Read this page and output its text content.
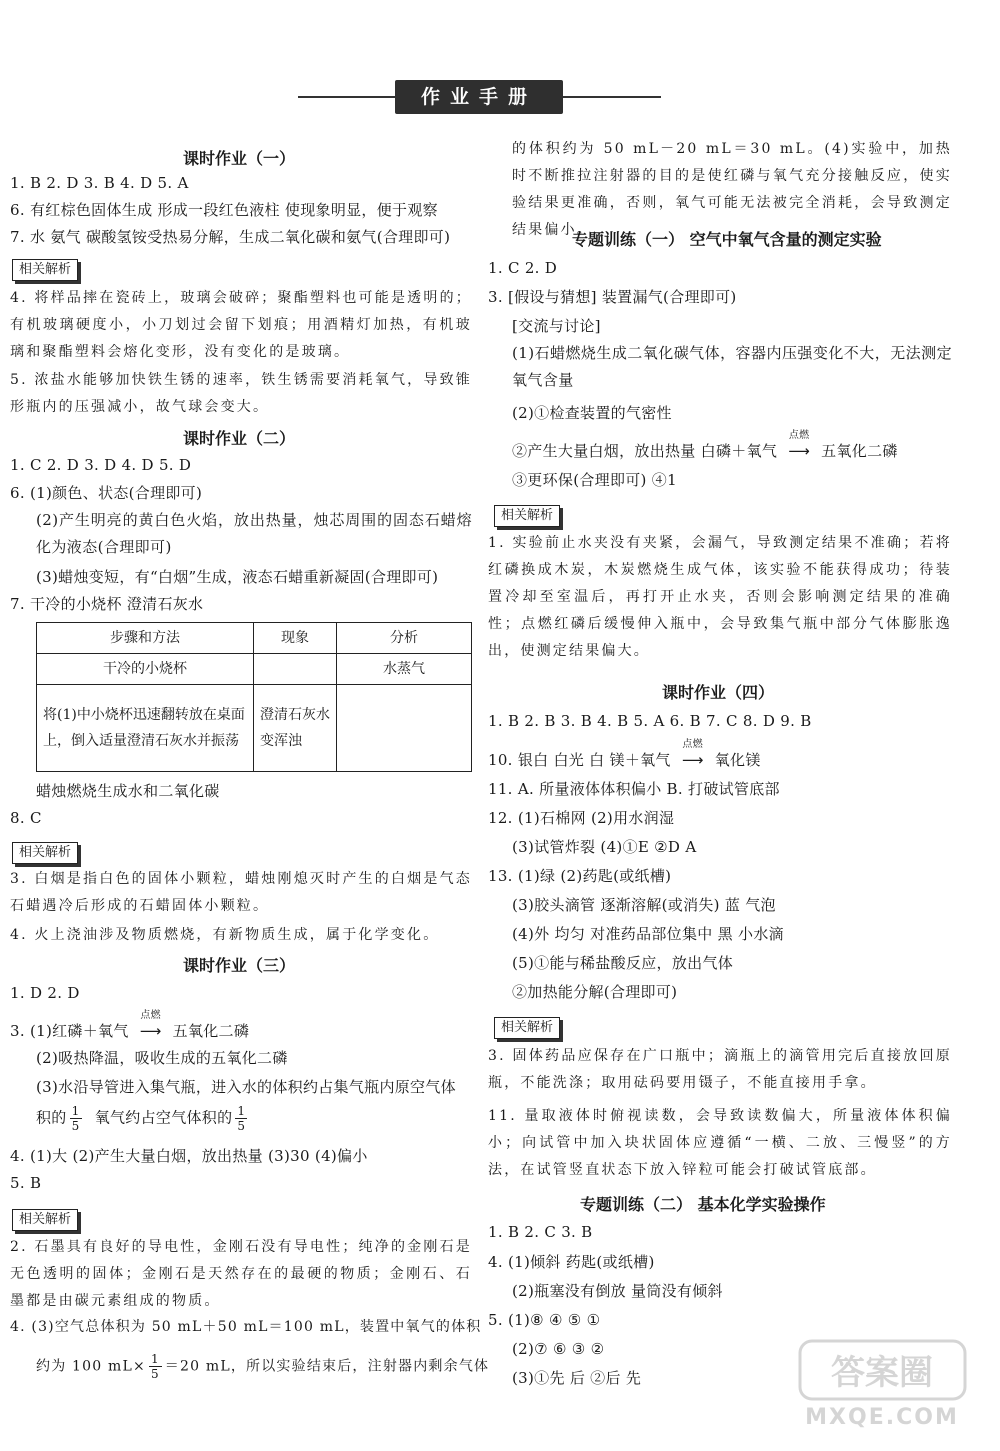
作业手册
课时作业（一）
1. B 2. D 3. B 4. D 5. A
6. 有红棕色固体生成 形成一段红色液柱 使现象明显，便于观察
7. 水 氨气 碳酸氢铵受热易分解，生成二氧化碳和氨气(合理即可)
相关解析
4. 将样品摔在瓷砖上，玻璃会破碎；聚酯塑料也可能是透明的；有机玻璃硬度小，小刀划过会留下划痕；用酒精灯加热，有机玻璃和聚酯塑料会熔化变形，没有变化的是玻璃。
5. 浓盐水能够加快铁生锈的速率，铁生锈需要消耗氧气，导致锥形瓶内的压强减小，故气球会变大。
课时作业（二）
1. C 2. D 3. D 4. D 5. D
6. (1)颜色、状态(合理即可)
(2)产生明亮的黄白色火焰，放出热量，烛芯周围的固态石蜡熔化为液态(合理即可)
(3)蜡烛变短，有“白烟”生成，液态石蜡重新凝固(合理即可)
7. 干冷的小烧杯 澄清石灰水
步骤和方法	现象	分析
干冷的小烧杯		水蒸气
将(1)中小烧杯迅速翻转放在桌面上，倒入适量澄清石灰水并振荡	澄清石灰水变浑浊	
蜡烛燃烧生成水和二氧化碳
8. C
相关解析
3. 白烟是指白色的固体小颗粒，蜡烛刚熄灭时产生的白烟是气态石蜡遇冷后形成的石蜡固体小颗粒。
4. 火上浇油涉及物质燃烧，有新物质生成，属于化学变化。
课时作业（三）
1. D 2. D
3. (1)红磷＋氧气
点燃
⟶ 五氧化二磷
(2)吸热降温，吸收生成的五氧化二磷
(3)水沿导管进入集气瓶，进入水的体积约占集气瓶内原空气体
积的 $\frac{1}{5}$ 氧气约占空气体积的 $\frac{1}{5}$
4. (1)大 (2)产生大量白烟，放出热量 (3)30 (4)偏小
5. B
相关解析
2. 石墨具有良好的导电性，金刚石没有导电性；纯净的金刚石是无色透明的固体；金刚石是天然存在的最硬的物质；金刚石、石墨都是由碳元素组成的物质。
4. (3)空气总体积为 50 mL＋50 mL＝100 mL，装置中氧气的体积
约为 100 $mL\times \frac{1}{5} =20$ mL，所以实验结束后，注射器内剩余气体
的体积约为 50 mL－20 mL＝30 mL。(4)实验中，加热时不断推拉注射器的目的是使红磷与氧气充分接触反应，使实验结果更准确，否则，氧气可能无法被完全消耗，会导致测定结果偏小。
专题训练（一） 空气中氧气含量的测定实验
1. C 2. D
3. [假设与猜想] 装置漏气(合理即可)
[交流与讨论]
(1)石蜡燃烧生成二氧化碳气体，容器内压强变化不大，无法测定氧气含量
(2)①检查装置的气密性
②产生大量白烟，放出热量 白磷＋氧气
点燃
⟶ 五氧化二磷
③更环保(合理即可) ④1
相关解析
1. 实验前止水夹没有夹紧，会漏气，导致测定结果不准确；若将红磷换成木炭，木炭燃烧生成气体，该实验不能获得成功；待装置冷却至室温后，再打开止水夹，否则会影响测定结果的准确性；点燃红磷后缓慢伸入瓶中，会导致集气瓶中部分气体膨胀逸出，使测定结果偏大。
课时作业（四）
1. B 2. B 3. B 4. B 5. A 6. B 7. C 8. D 9. B
10. 银白 白光 白 镁＋氧气
点燃
⟶ 氧化镁
11. A. 所量液体体积偏小 B. 打破试管底部
12. (1)石棉网 (2)用水润湿
(3)试管炸裂 (4)①E ②D A
13. (1)绿 (2)药匙(或纸槽)
(3)胶头滴管 逐渐溶解(或消失) 蓝 气泡
(4)外 均匀 对准药品部位集中 黑 小水滴
(5)①能与稀盐酸反应，放出气体
②加热能分解(合理即可)
相关解析
3. 固体药品应保存在广口瓶中；滴瓶上的滴管用完后直接放回原瓶，不能洗涤；取用砝码要用镊子，不能直接用手拿。
11. 量取液体时俯视读数，会导致读数偏大，所量液体体积偏小；向试管中加入块状固体应遵循“一横、二放、三慢竖”的方法，在试管竖直状态下放入锌粒可能会打破试管底部。
专题训练（二） 基本化学实验操作
1. B 2. C 3. B
4. (1)倾斜 药匙(或纸槽)
(2)瓶塞没有倒放 量筒没有倾斜
5. (1)⑧ ④ ⑤ ①
(2)⑦ ⑥ ③ ②
(3)①先 后 ②后 先	答案圈
MXQE.COM
